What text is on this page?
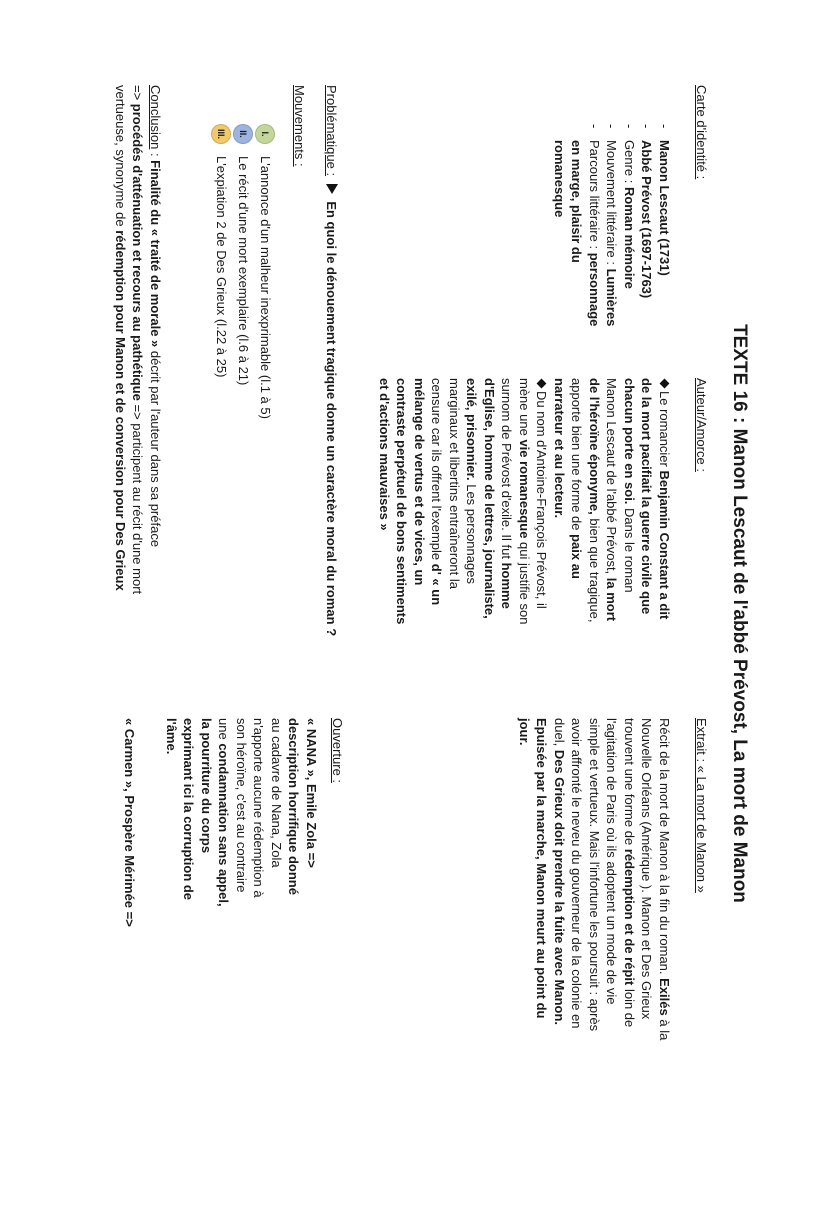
TEXTE 16 : Manon Lescaut de l'abbé Prévost, La mort de Manon
Carte d'identité :
- Manon Lescaut (1731)
- Abbé Prévost (1697-1763)
- Genre : Roman mémoire
- Mouvement littéraire : Lumières
- Parcours littéraire : personnage en marge, plaisir du romanesque
Auteur/Amorce :

Le romancier Benjamin Constant a dit de la mort pacifiait la guerre civile que chacun porte en soi. Dans le roman Manon Lescaut de l'abbé Prévost, la mort de l'héroïne éponyme, bien que tragique, apporte bien une forme de paix au narrateur et au lecteur.

Du nom d'Antoine-François Prévost, il mène une vie romanesque qui justifie son surnom de Prévost d'exile. Il fut homme d'Eglise, homme de lettres, journaliste, exilé, prisonnier. Les personnages marginaux et libertins entraîneront la censure car ils offrent l'exemple d' « un mélange de vertus et de vices, un contraste perpétuel de bons sentiments et d'actions mauvaises »

Extrait : « La mort de Manon »

Récit de la mort de Manon à la fin du roman. Exilés à la Nouvelle Orléans (Amérique ). Manon et Des Grieux trouvent une forme de rédemption et de répit loin de l'agitation de Paris où ils adoptent un mode de vie simple et vertueux. Mais l'infortune les poursuit : après avoir affronté le neveu du gouverneur de la colonie en duel, Des Grieux doit prendre la fuite avec Manon. Epuisée par la marche, Manon meurt au point du jour.

Problématique :  En quoi le dénouement tragique donne un caractère moral du roman ?
Mouvements :
I.
L'annonce d'un malheur inexprimable (l.1 à 5)
II.
Le récit d'une mort exemplaire (l.6 à 21)
III.
L'expiation 2 de Des Grieux (l.22 à 25)

Conclusion : Finalité du « traité de morale » décrit par l'auteur dans sa préface

=> procédés d'atténuation et recours au pathétique => participent au récit d'une mort

vertueuse, synonyme de rédemption pour Manon et de conversion pour Des Grieux

Ouverture :

« NANA », Emile Zola =>

description horrifique donné au cadavre de Nana, Zola n'apporte aucune rédemption à son héroïne, c'est au contraire une condamnation sans appel, la pourriture du corps exprimant ici la corruption de l'âme.

« Carmen », Prospère Mérimée =>
